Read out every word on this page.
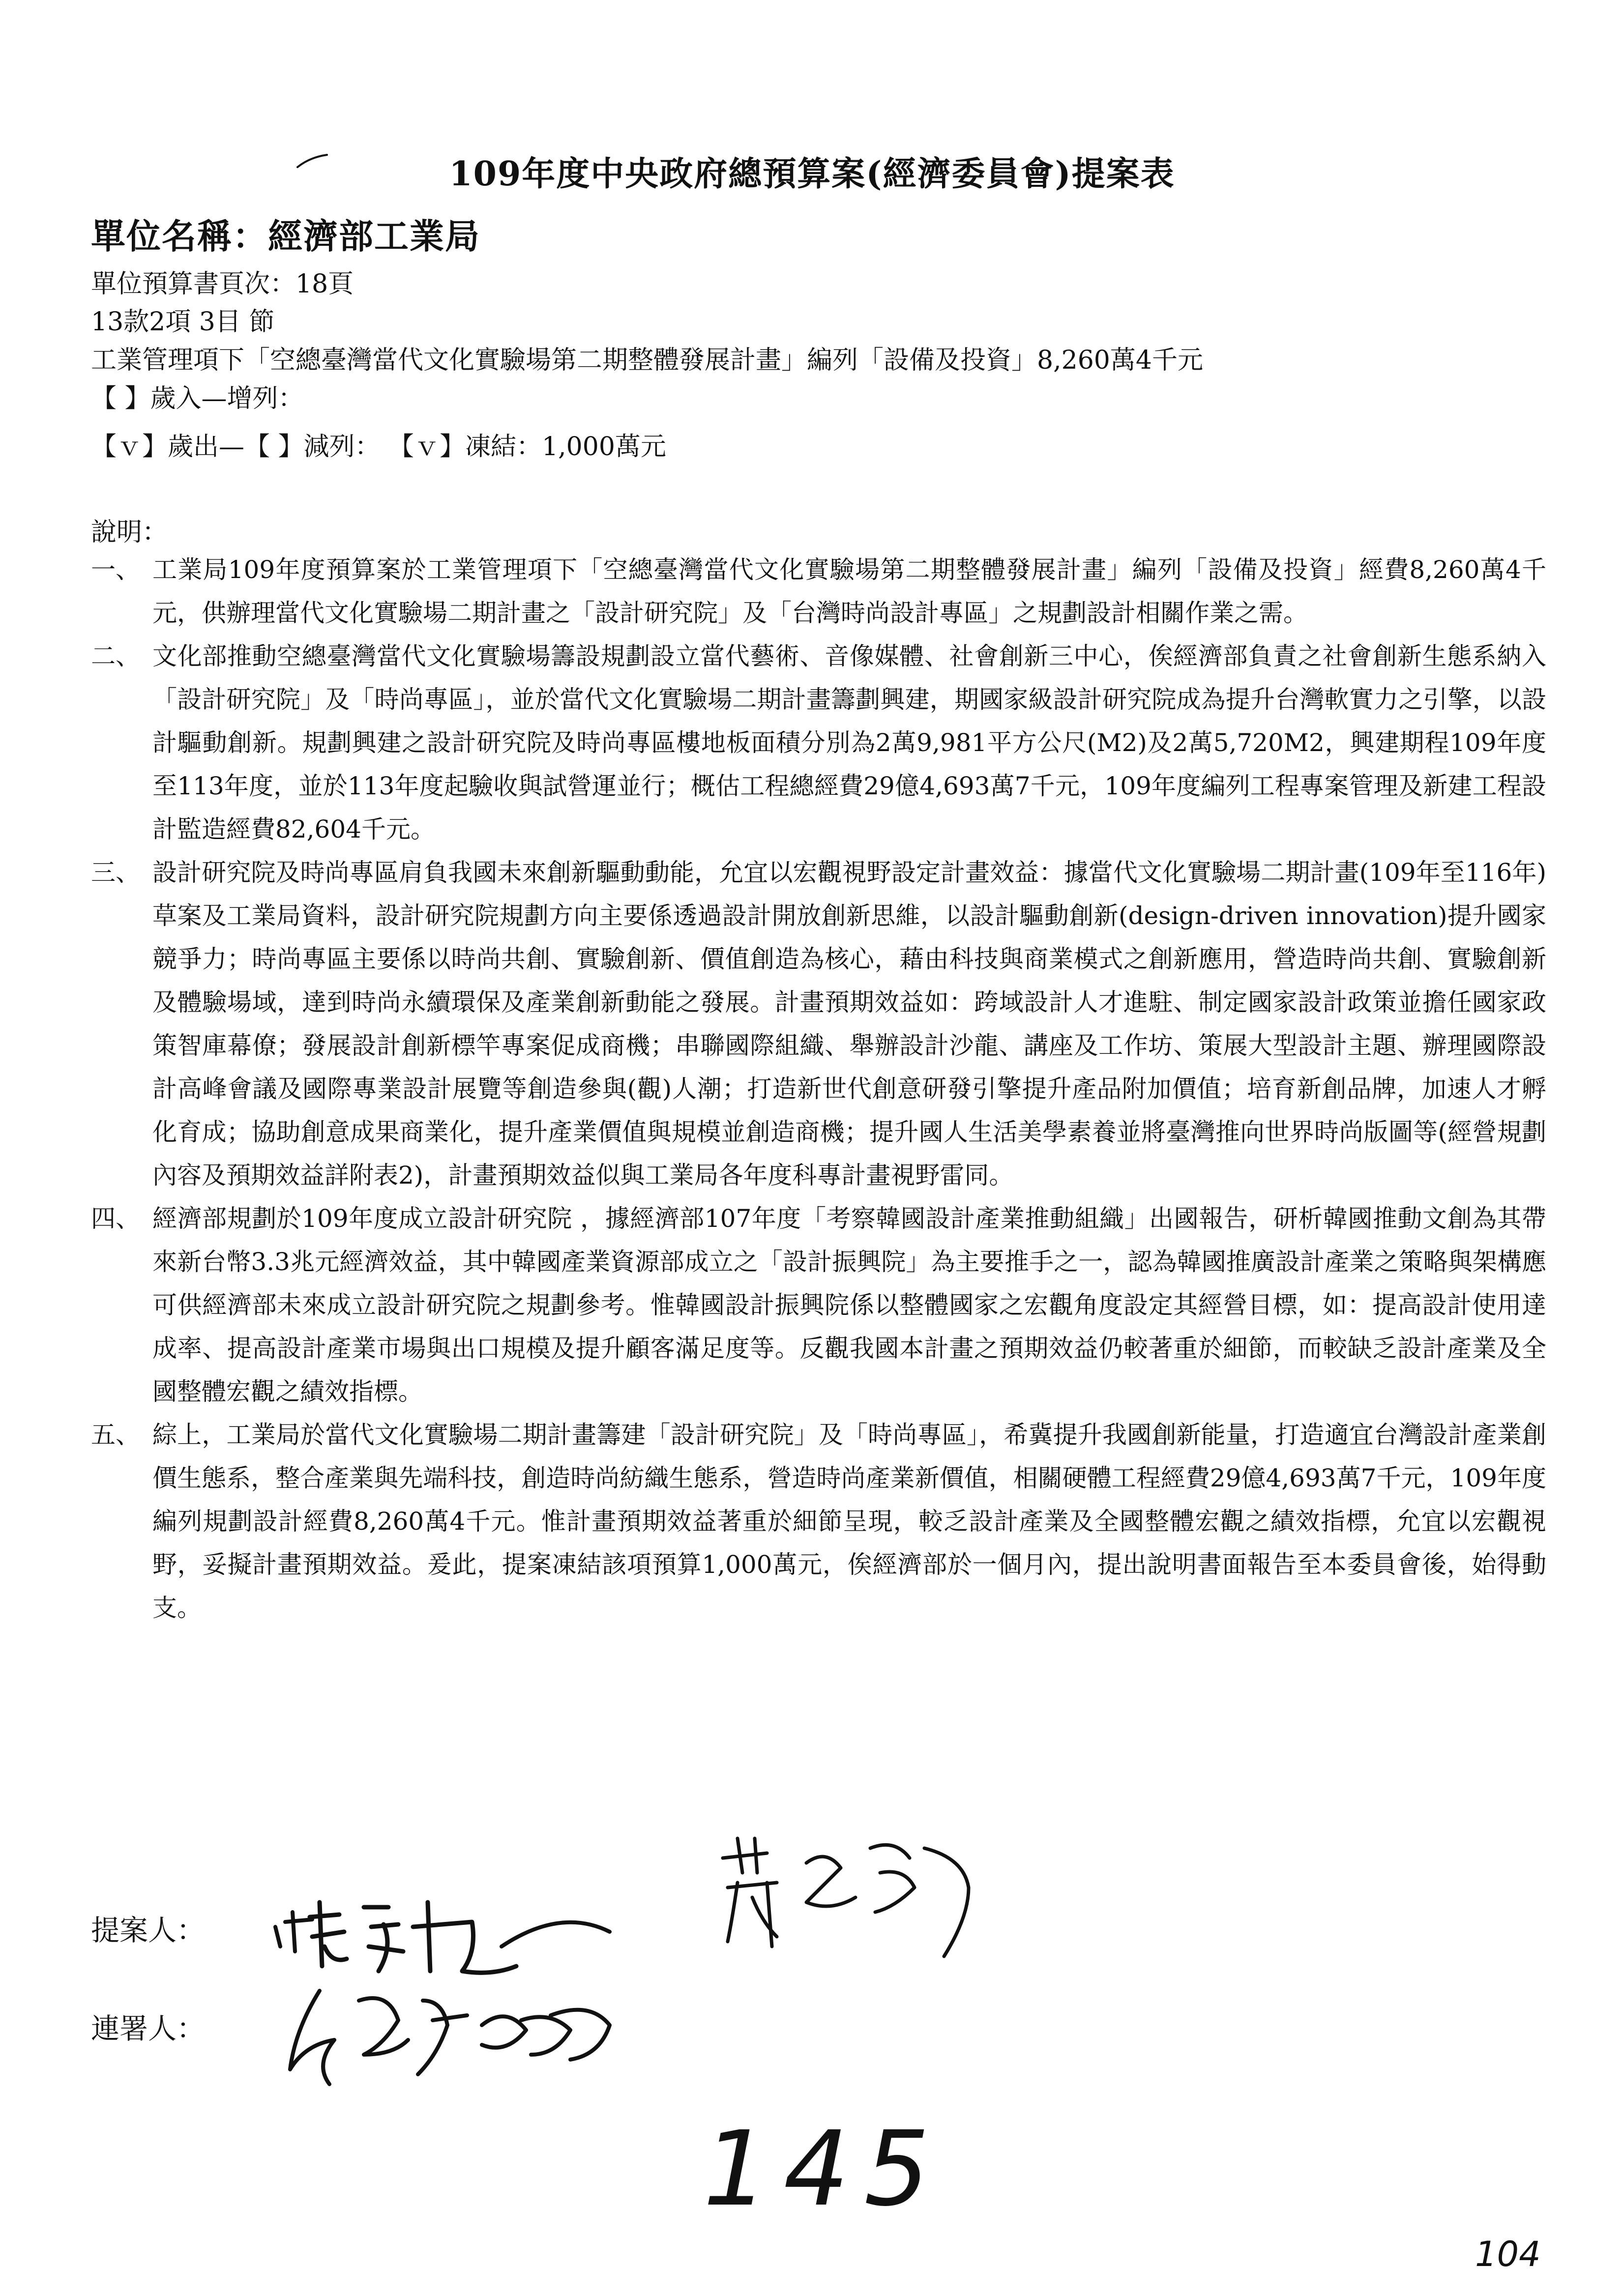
109年度中央政府總預算案(經濟委員會)提案表
單位名稱：經濟部工業局
單位預算書頁次：18頁
13款2項 3目 節
工業管理項下「空總臺灣當代文化實驗場第二期整體發展計畫」編列「設備及投資」8,260萬4千元
【 】歲入—增列：
【ｖ】歲出—【 】減列： 【ｖ】凍結：1,000萬元
說明：
一、 工業局109年度預算案於工業管理項下「空總臺灣當代文化實驗場第二期整體發展計畫」編列「設備及投資」經費8,260萬4千元，供辦理當代文化實驗場二期計畫之「設計研究院」及「台灣時尚設計專區」之規劃設計相關作業之需。
二、 文化部推動空總臺灣當代文化實驗場籌設規劃設立當代藝術、音像媒體、社會創新三中心，俟經濟部負責之社會創新生態系納入「設計研究院」及「時尚專區」，並於當代文化實驗場二期計畫籌劃興建，期國家級設計研究院成為提升台灣軟實力之引擎，以設計驅動創新。規劃興建之設計研究院及時尚專區樓地板面積分別為2萬9,981平方公尺(M2)及2萬5,720M2，興建期程109年度至113年度，並於113年度起驗收與試營運並行；概估工程總經費29億4,693萬7千元，109年度編列工程專案管理及新建工程設計監造經費82,604千元。
三、 設計研究院及時尚專區肩負我國未來創新驅動動能，允宜以宏觀視野設定計畫效益：據當代文化實驗場二期計畫(109年至116年)草案及工業局資料，設計研究院規劃方向主要係透過設計開放創新思維，以設計驅動創新(design-driven innovation)提升國家競爭力；時尚專區主要係以時尚共創、實驗創新、價值創造為核心，藉由科技與商業模式之創新應用，營造時尚共創、實驗創新及體驗場域，達到時尚永續環保及產業創新動能之發展。計畫預期效益如：跨域設計人才進駐、制定國家設計政策並擔任國家政策智庫幕僚；發展設計創新標竿專案促成商機；串聯國際組織、舉辦設計沙龍、講座及工作坊、策展大型設計主題、辦理國際設計高峰會議及國際專業設計展覽等創造參與(觀)人潮；打造新世代創意研發引擎提升產品附加價值；培育新創品牌，加速人才孵化育成；協助創意成果商業化，提升產業價值與規模並創造商機；提升國人生活美學素養並將臺灣推向世界時尚版圖等(經營規劃內容及預期效益詳附表2)，計畫預期效益似與工業局各年度科專計畫視野雷同。
四、 經濟部規劃於109年度成立設計研究院 ，據經濟部107年度「考察韓國設計產業推動組織」出國報告，研析韓國推動文創為其帶來新台幣3.3兆元經濟效益，其中韓國產業資源部成立之「設計振興院」為主要推手之一，認為韓國推廣設計產業之策略與架構應可供經濟部未來成立設計研究院之規劃參考。惟韓國設計振興院係以整體國家之宏觀角度設定其經營目標，如：提高設計使用達成率、提高設計產業市場與出口規模及提升顧客滿足度等。反觀我國本計畫之預期效益仍較著重於細節，而較缺乏設計產業及全國整體宏觀之績效指標。
五、 綜上，工業局於當代文化實驗場二期計畫籌建「設計研究院」及「時尚專區」，希冀提升我國創新能量，打造適宜台灣設計產業創價生態系，整合產業與先端科技，創造時尚紡織生態系，營造時尚產業新價值，相關硬體工程經費29億4,693萬7千元，109年度編列規劃設計經費8,260萬4千元。惟計畫預期效益著重於細節呈現，較乏設計產業及全國整體宏觀之績效指標，允宜以宏觀視野，妥擬計畫預期效益。爰此，提案凍結該項預算1,000萬元，俟經濟部於一個月內，提出說明書面報告至本委員會後，始得動支。
提案人：
連署人：
145
104
